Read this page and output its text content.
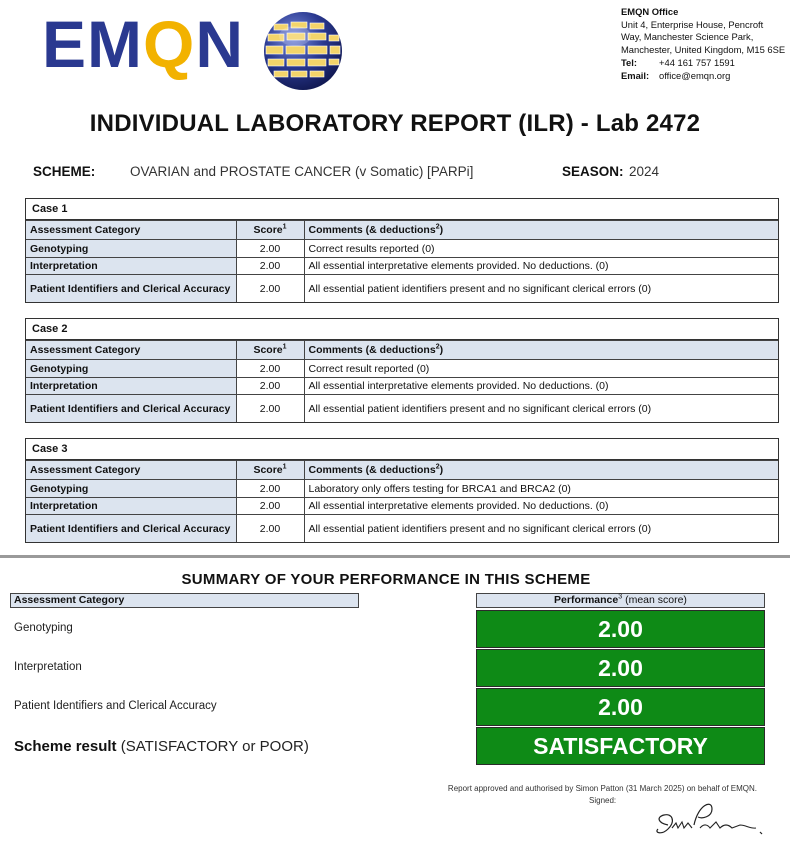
EMQN	EMQN Office
Unit 4, Enterprise House, Pencroft Way, Manchester Science Park, Manchester, United Kingdom, M15 6SE
Tel:	+44 161 757 1591
Email:	office@emqn.org
INDIVIDUAL LABORATORY REPORT (ILR) - Lab 2472
SCHEME:	OVARIAN and PROSTATE CANCER (v Somatic) [PARPi]	SEASON: 2024
Case 1
Assessment Category	Score$^1$	Comments (& deductions$^2$)
Genotyping	2.00	Correct results reported (0)
Interpretation	2.00	All essential interpretative elements provided. No deductions. (0)
Patient Identifiers and Clerical Accuracy	2.00	All essential patient identifiers present and no significant clerical errors (0)
Case 2
Assessment Category	Score$^1$	Comments (& deductions$^2$)
Genotyping	2.00	Correct result reported (0)
Interpretation	2.00	All essential interpretative elements provided. No deductions. (0)
Patient Identifiers and Clerical Accuracy	2.00	All essential patient identifiers present and no significant clerical errors (0)
Case 3
Assessment Category	Score$^1$	Comments (& deductions$^2$)
Genotyping	2.00	Laboratory only offers testing for BRCA1 and BRCA2 (0)
Interpretation	2.00	All essential interpretative elements provided. No deductions. (0)
Patient Identifiers and Clerical Accuracy	2.00	All essential patient identifiers present and no significant clerical errors (0)
SUMMARY OF YOUR PERFORMANCE IN THIS SCHEME
Assessment Category	Performance$^3$ (mean score)
Genotyping	2.00
Interpretation	2.00
Patient Identifiers and Clerical Accuracy	2.00
Scheme result (SATISFACTORY or POOR)	SATISFACTORY
Report approved and authorised by Simon Patton (31 March 2025) on behalf of EMQN.
Signed:
